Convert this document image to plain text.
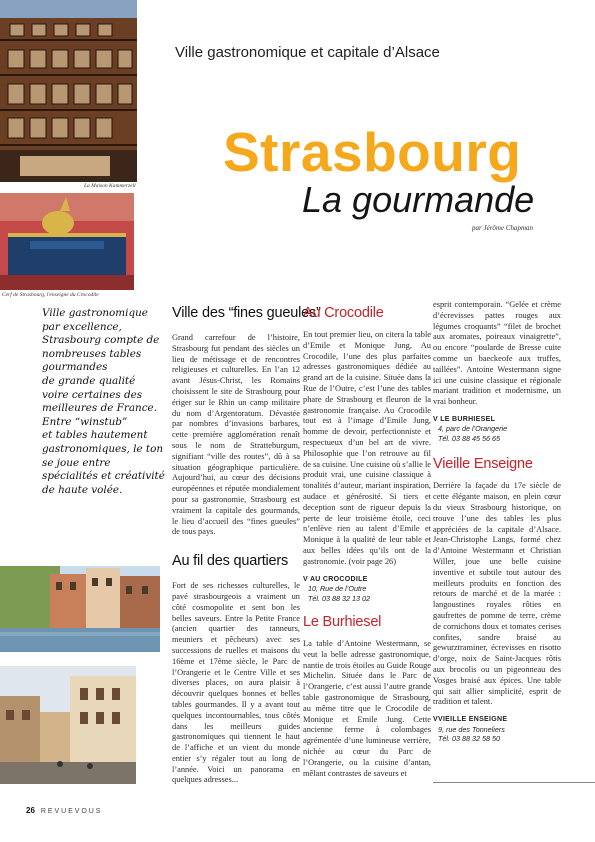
La Maison Kammerzell
Cerf de Strasbourg, l'enseigne du Crocodile
Ville gastronomique
par excellence,
Strasbourg compte de
nombreuses tables
gourmandes
de grande qualité
voire certaines des
meilleures de France.
Entre “winstub”
et tables hautement
gastronomiques, le ton
se joue entre
spécialités et créativité
de haute volée.
Ville gastronomique et capitale d’Alsace
Strasbourg
La gourmande
par Jérôme Chapman
Ville des “fines gueules”

Grand carrefour de l’histoire, Strasbourg fut pendant des siècles un lieu de métissage et de rencontres religieuses et culturelles. En l’an 12 avant Jésus-Christ, les Romains choisissent le site de Strasbourg pour ériger sur le Rhin un camp militaire du nom d’Argentoratum. Dévastée par nombres d’invasions barbares, cette première agglomération renaît sous le nom de Stratteburgum, signifiant “ville des routes”, dû à sa situation géographique particulière. Aujourd’hui, au cœur des décisions européennes et réputée mondialement pour sa gastronomie, Strasbourg est vraiment la capitale des gourmands, le lieu d’accueil des “fines gueules” de tous pays.

Au fil des quartiers

Fort de ses richesses culturelles, le pavé strasbourgeois a vraiment un côté cosmopolite et sent bon les belles saveurs. Entre la Petite France (ancien quartier des tanneurs, meuniers et pêcheurs) avec ses successions de ruelles et maisons du 16ème et 17ème siècle, le Parc de l’Orangerie et le Centre Ville et ses diverses places, on aura plaisir à découvrir quelques bonnes et belles tables gourmandes. Il y a avant tout quelques incontournables, tous côtés dans les meilleurs guides gastronomiques qui tiennent le haut de l’affiche et un vient du monde entier s’y régaler tout au long de l’année. Voici un panorama en quelques adresses...

Au Crocodile

En tout premier lieu, on citera la table d’Emile et Monique Jung, Au Crocodile, l’une des plus parfaites adresses gastronomiques dédiée au grand art de la cuisine. Située dans la Rue de l’Outre, c’est l’une des tables phare de Strasbourg et fleuron de la gastronomie française. Au Crocodile tout est à l’image d’Emile Jung, homme de devoir, perfectionniste et respectueux d’un bel art de vivre. Philosophie que l’on retrouve au fil de sa cuisine. Une cuisine où s’allie le produit vrai, une cuisine classique à tonalités d’auteur, mariant inspiration, audace et générosité. Si tiers et deception sont de rigueur depuis la perte de leur troisième étoile, ceci n’enlève rien au talent d’Emile et Monique à la qualité de leur table et aux belles idées qu’ils ont de la gastronomie. (voir page 26)

V AU CROCODILE
10, Rue de l’Outre
Tél. 03 88 32 13 02
Le Burhiesel

La table d’Antoine Westermann, se veut la belle adresse gastronomique, nantie de trois étoiles au Guide Rouge Michelin. Située dans le Parc de l’Orangerie, c’est aussi l’autre grande table gastronomique de Strasbourg, au même titre que le Crocodile de Monique et Emile Jung. Cette ancienne ferme à colombages agrémentée d’une lumineuse verrière, nichée au cœur du Parc de l’Orangerie, ou la cuisine d’antan, mêlant contrastes de saveurs et

esprit contemporain. “Gelée et crème d’écrevisses pattes rouges aux légumes croquants” “filet de brochet aux aromates, poireaux vinaigrette”, ou encore “poularde de Bresse cuite comme un baeckeofe aux truffes, taillées”. Antoine Westermann signe ici une cuisine classique et régionale mariant tradition et modernisme, un vrai bonheur.

V LE BURHIESEL
4, parc de l’Orangerie
Tél. 03 88 45 56 65
Vieille Enseigne

Derrière la façade du 17e siècle de cette élégante maison, en plein cœur du vieux Strasbourg historique, on trouve l’une des tables les plus appréciées de la capitale d’Alsace. Jean-Christophe Langs, formé chez d’Antoine Westermann et Christian Willer, joue une belle cuisine inventive et subtile tout autour des meilleurs produits en fonction des retours de marché et de la marée : langoustines royales rôties en gaufrettes de pomme de terre, crème de cornichons doux et tomates cerises confites, sandre braisé au gewurztraminer, écrevisses en risotto d’orge, noix de Saint-Jacques rôtis aux brocolis ou un pigeonneau des Vosges braisé aux épices. Une table qui sait allier simplicité, esprit de tradition et talent.

VVIEILLE ENSEIGNE
9, rue des Tonneliers
Tél. 03 88 32 58 50
26 R E V U E V O U S
